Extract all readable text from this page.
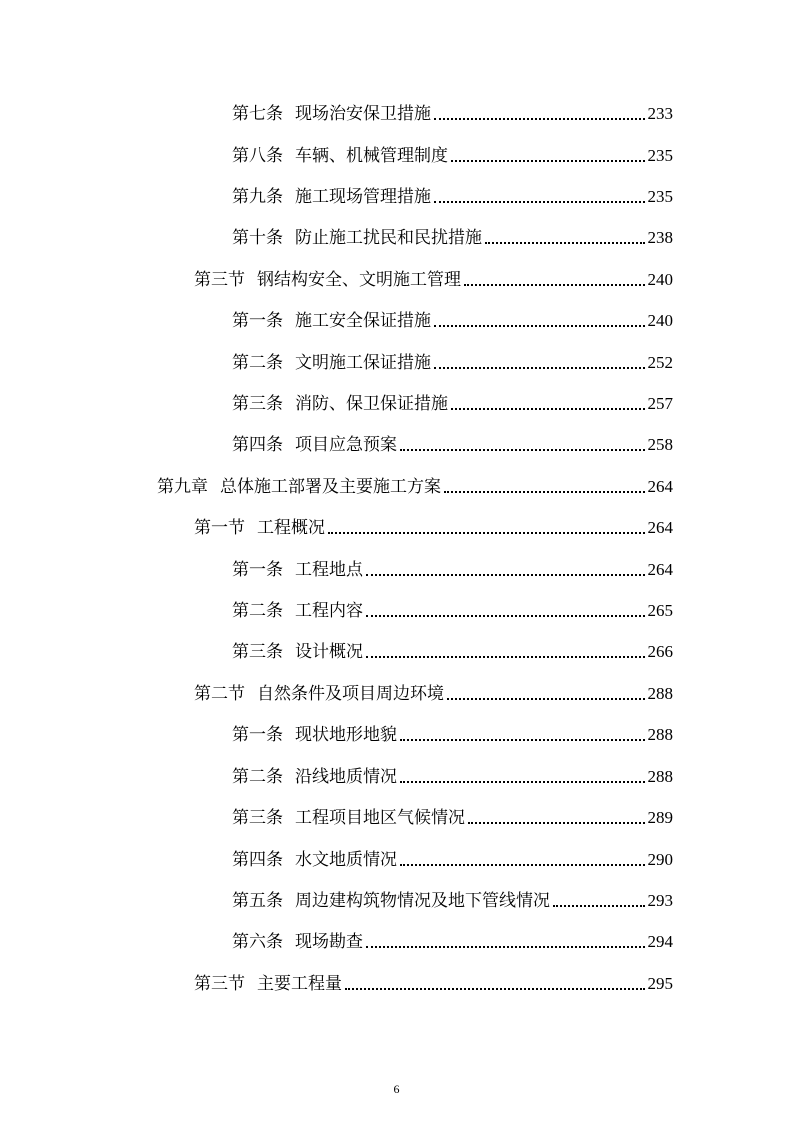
第七条 现场治安保卫措施	233
第八条 车辆、机械管理制度	235
第九条 施工现场管理措施	235
第十条 防止施工扰民和民扰措施	238
第三节 钢结构安全、文明施工管理	240
第一条 施工安全保证措施	240
第二条 文明施工保证措施	252
第三条 消防、保卫保证措施	257
第四条 项目应急预案	258
第九章 总体施工部署及主要施工方案	264
第一节 工程概况	264
第一条 工程地点	264
第二条 工程内容	265
第三条 设计概况	266
第二节 自然条件及项目周边环境	288
第一条 现状地形地貌	288
第二条 沿线地质情况	288
第三条 工程项目地区气候情况	289
第四条 水文地质情况	290
第五条 周边建构筑物情况及地下管线情况	293
第六条 现场勘查	294
第三节 主要工程量	295
6
